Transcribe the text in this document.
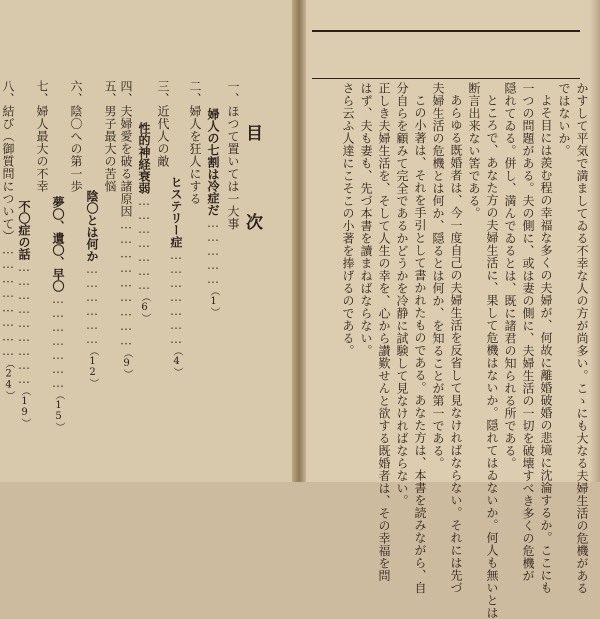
かすして平気で満ましてゐる不幸な人の方が尚多い。こゝにも大なる夫婦生活の危機がある
ではないか。
よそ目には羨む程の幸福な多くの夫婦が、何故に離婚破婚の悲境に沈淪するか。ここにも
一つの問題がある。夫の側に、或は妻の側に、夫婦生活の一切を破壊すべき多くの危機が
隠れてゐる。併し、満んでゐるとは、既に諸君の知られる所である。
ところで、あなた方の夫婦生活に、果して危機はないか。隠れてはゐないか。何人も無いとは
断言出来ない筈である。
あらゆる既婚者は、今一度自己の夫婦生活を反省して見なければならない。それには先づ
夫婦生活の危機とは何か、隠るとは何か、を知ることが第一である。
この小著は、それを手引として書かれたものである。あなた方は、本書を読みながら、自
分自らを顧みて完全であるかどうかを冷静に試験して見なければならない。
正しき夫婦生活を、そして人生の幸を、心から讃歎せんと欲する既婚者は、その幸福を問
はず、夫も妻も、先づ本書を讀まねばならない。
さら云ふ人達にこそこの小著を捧げるのである。
目 次
一、ほつて置いては一大事
婦人の七割は冷症だ……………（1）
二、婦人を狂人にする
ヒステリー症…………………（4）
三、近代人の敵
性的神経衰弱…………………（6）
四、夫婦愛を破る諸原因………………………（9）
五、男子最大の苦悩
陰〇とは何か………………（12）
六、陰〇への第一歩
夢〇、遺〇、早〇…………………（15）
七、婦人最大の不幸
不〇症の話………………………（19）
八、結び（御質問について）……………………（24）
